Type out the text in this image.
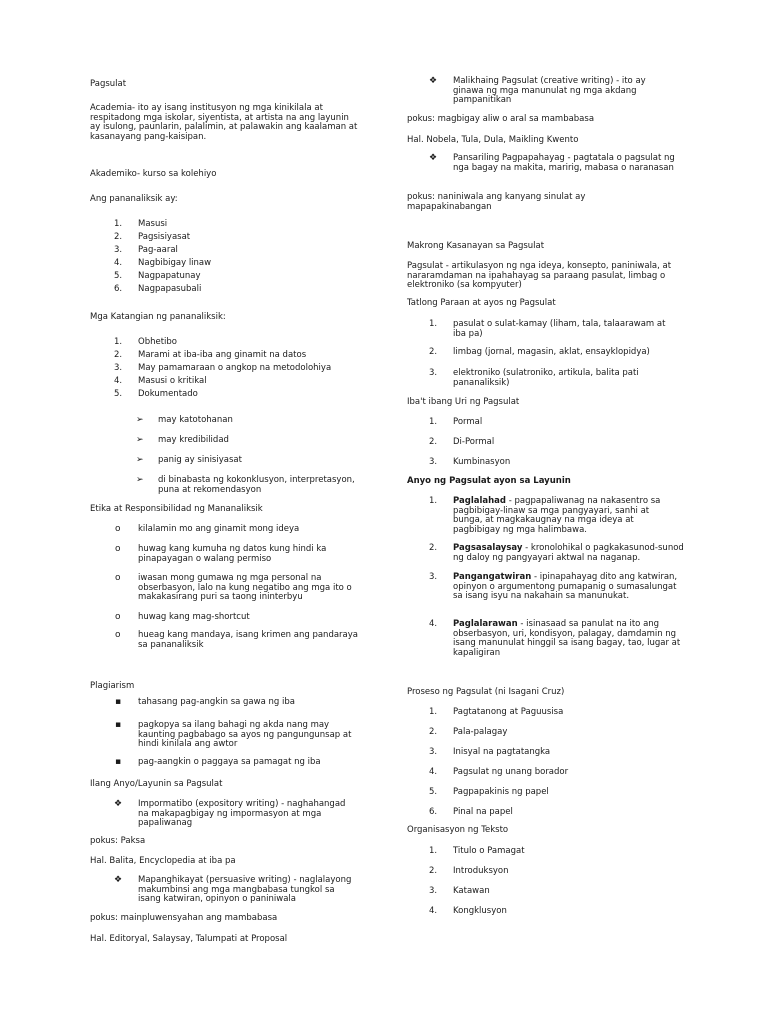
Pagsulat

Academia- ito ay isang institusyon ng mga kinikilala at respitadong mga iskolar, siyentista, at artista na ang layunin ay isulong, paunlarin, palalimin, at palawakin ang kaalaman at kasanayang pang-kaisipan.

Akademiko- kurso sa kolehiyo

Ang pananaliksik ay:

1.	Masusi
2.	Pagsisiyasat
3.	Pag-aaral
4.	Nagbibigay linaw
5.	Nagpapatunay
6.	Nagpapasubali

Mga Katangian ng pananaliksik:

1.	Obhetibo
2.	Marami at iba-iba ang ginamit na datos
3.	May pamamaraan o angkop na metodolohiya
4.	Masusi o kritikal
5.	Dokumentado
➢ may katotohanan
➢ may kredibilidad
➢ panig ay sinisiyasat
➢ di binabasta ng kokonklusyon, interpretasyon, puna at rekomendasyon

Etika at Responsibilidad ng Mananaliksik

o kilalamin mo ang ginamit mong ideya
o huwag kang kumuha ng datos kung hindi ka pinapayagan o walang permiso
o iwasan mong gumawa ng mga personal na obserbasyon, lalo na kung negatibo ang mga ito o makakasirang puri sa taong ininterbyu
o huwag kang mag-shortcut
o hueag kang mandaya, isang krimen ang pandaraya sa pananaliksik

Plagiarism

▪ tahasang pag-angkin sa gawa ng iba
▪ pagkopya sa ilang bahagi ng akda nang may kaunting pagbabago sa ayos ng pangungunsap at hindi kinilala ang awtor
▪ pag-aangkin o paggaya sa pamagat ng iba

Ilang Anyo/Layunin sa Pagsulat

❖ Impormatibo (expository writing) - naghahangad na makapagbigay ng impormasyon at mga papaliwanag

pokus: Paksa

Hal. Balita, Encyclopedia at iba pa

❖ Mapanghikayat (persuasive writing) - naglalayong makumbinsi ang mga mangbabasa tungkol sa isang katwiran, opinyon o paniniwala

pokus: mainpluwensyahan ang mambabasa

Hal. Editoryal, Salaysay, Talumpati at Proposal

❖ Malikhaing Pagsulat (creative writing) - ito ay ginawa ng mga manunulat ng mga akdang pampanitikan

pokus: magbigay aliw o aral sa mambabasa

Hal. Nobela, Tula, Dula, Maikling Kwento

❖ Pansariling Pagpapahayag - pagtatala o pagsulat ng nga bagay na makita, maririg, mabasa o naranasan

pokus: naniniwala ang kanyang sinulat ay mapapakinabangan

Makrong Kasanayan sa Pagsulat

Pagsulat - artikulasyon ng nga ideya, konsepto, paniniwala, at nararamdaman na ipahahayag sa paraang pasulat, limbag o elektroniko (sa kompyuter)

Tatlong Paraan at ayos ng Pagsulat

1.	pasulat o sulat-kamay (liham, tala, talaarawam at iba pa)
2.	limbag (jornal, magasin, aklat, ensayklopidya)
3.	elektroniko (sulatroniko, artikula, balita pati pananaliksik)

Iba't ibang Uri ng Pagsulat

1.	Pormal
2.	Di-Pormal
3.	Kumbinasyon

Anyo ng Pagsulat ayon sa Layunin

1.	Paglalahad - pagpapaliwanag na nakasentro sa pagbibigay-linaw sa mga pangyayari, sanhi at bunga, at magkakaugnay na mga ideya at pagbibigay ng mga halimbawa.
2.	Pagsasalaysay - kronolohikal o pagkakasunod-sunod ng daloy ng pangyayari aktwal na naganap.
3.	Pangangatwiran - ipinapahayag dito ang katwiran, opinyon o argumentong pumapanig o sumasalungat sa isang isyu na nakahain sa manunukat.
4.	Paglalarawan - isinasaad sa panulat na ito ang obserbasyon, uri, kondisyon, palagay, damdamin ng isang manunulat hinggil sa isang bagay, tao, lugar at kapaligiran

Proseso ng Pagsulat (ni Isagani Cruz)

1.	Pagtatanong at Paguusisa
2.	Pala-palagay
3.	Inisyal na pagtatangka
4.	Pagsulat ng unang borador
5.	Pagpapakinis ng papel
6.	Pinal na papel

Organisasyon ng Teksto

1.	Titulo o Pamagat
2.	Introduksyon
3.	Katawan
4.	Kongklusyon
